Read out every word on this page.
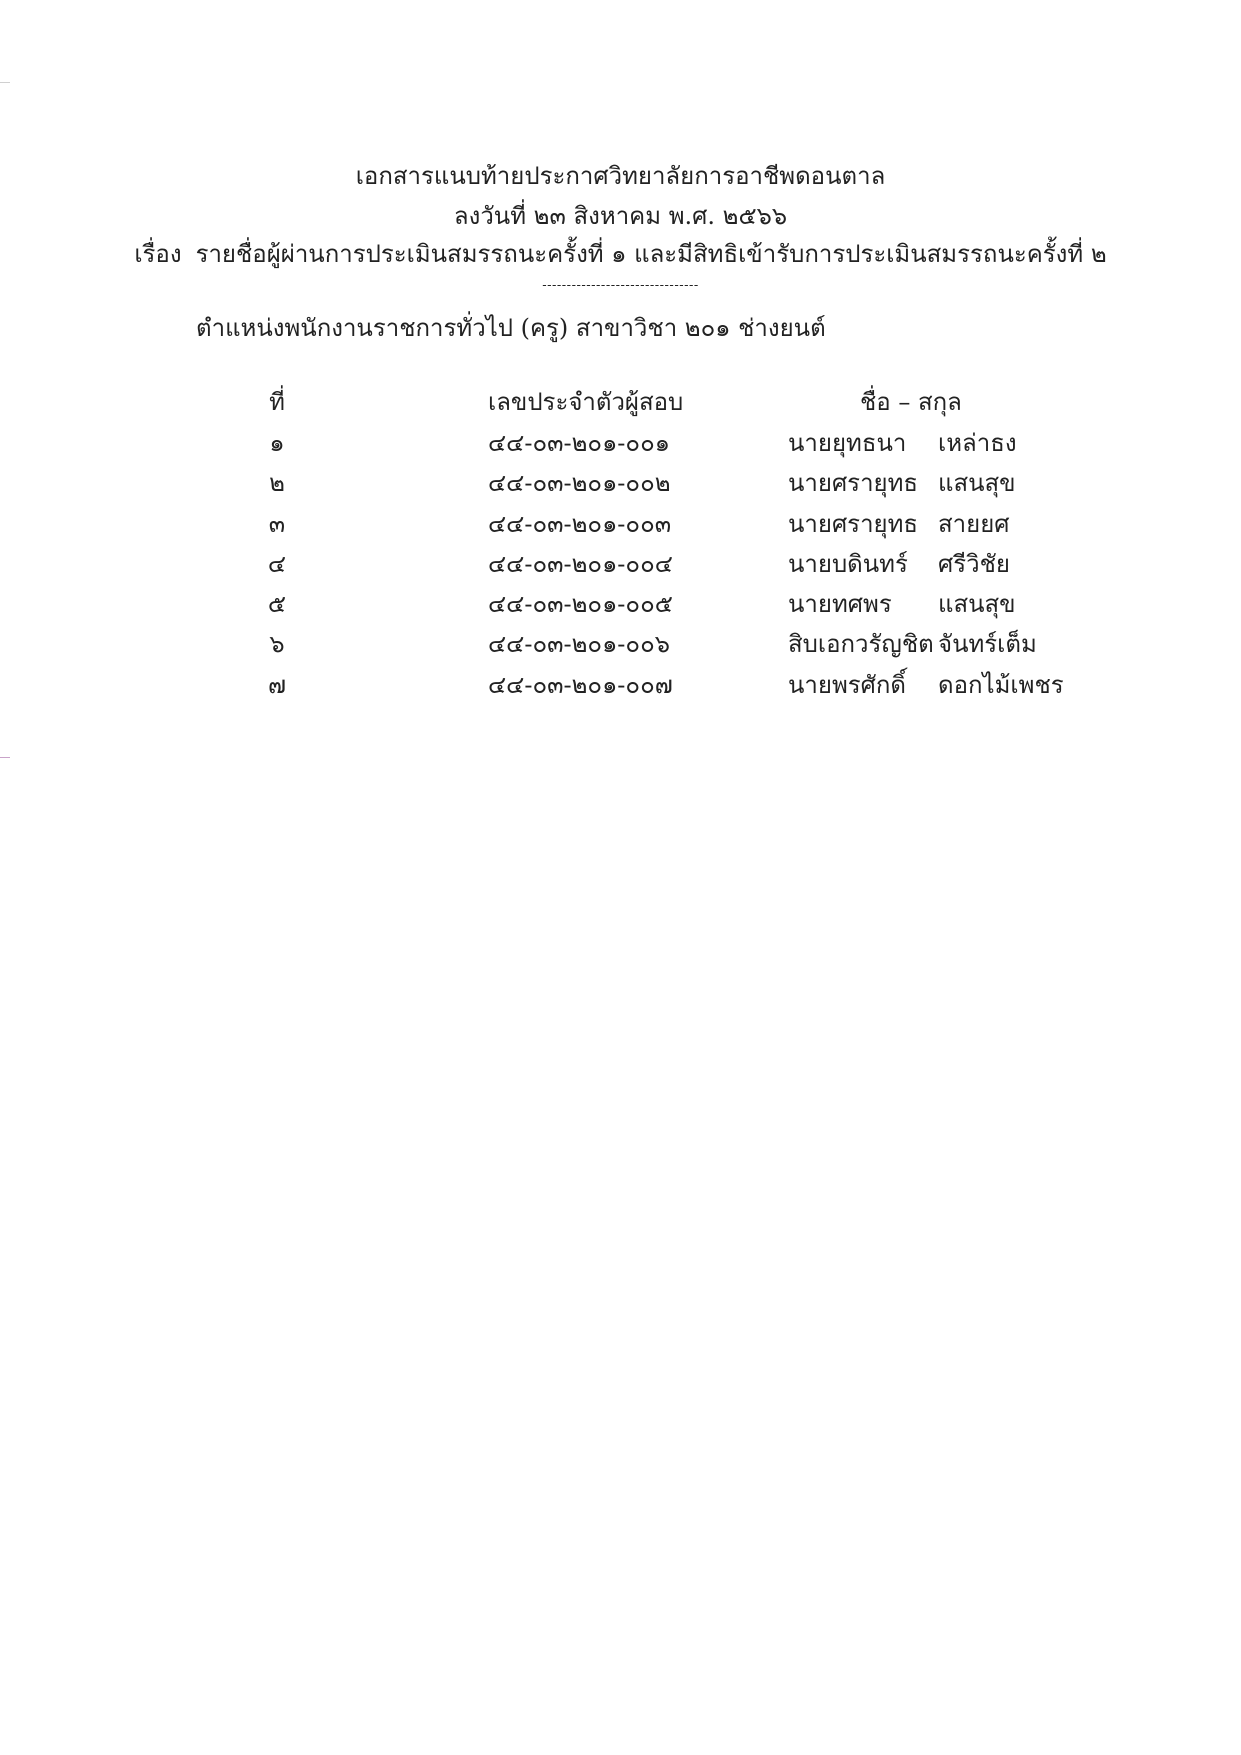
เอกสารแนบท้ายประกาศวิทยาลัยการอาชีพดอนตาล
ลงวันที่ ๒๓ สิงหาคม พ.ศ. ๒๕๖๖
เรื่อง รายชื่อผู้ผ่านการประเมินสมรรถนะครั้งที่ ๑ และมีสิทธิเข้ารับการประเมินสมรรถนะครั้งที่ ๒
--------------------------------
ตำแหน่งพนักงานราชการทั่วไป (ครู) สาขาวิชา ๒๐๑ ช่างยนต์
ที่	เลขประจำตัวผู้สอบ	ชื่อ – สกุล
๑	๔๔-๐๓-๒๐๑-๐๐๑	นายยุทธนา เหล่าธง
๒	๔๔-๐๓-๒๐๑-๐๐๒	นายศรายุทธ แสนสุข
๓	๔๔-๐๓-๒๐๑-๐๐๓	นายศรายุทธ สายยศ
๔	๔๔-๐๓-๒๐๑-๐๐๔	นายบดินทร์ ศรีวิชัย
๕	๔๔-๐๓-๒๐๑-๐๐๕	นายทศพร แสนสุข
๖	๔๔-๐๓-๒๐๑-๐๐๖	สิบเอกวรัญชิต จันทร์เต็ม
๗	๔๔-๐๓-๒๐๑-๐๐๗	นายพรศักดิ์ ดอกไม้เพชร
